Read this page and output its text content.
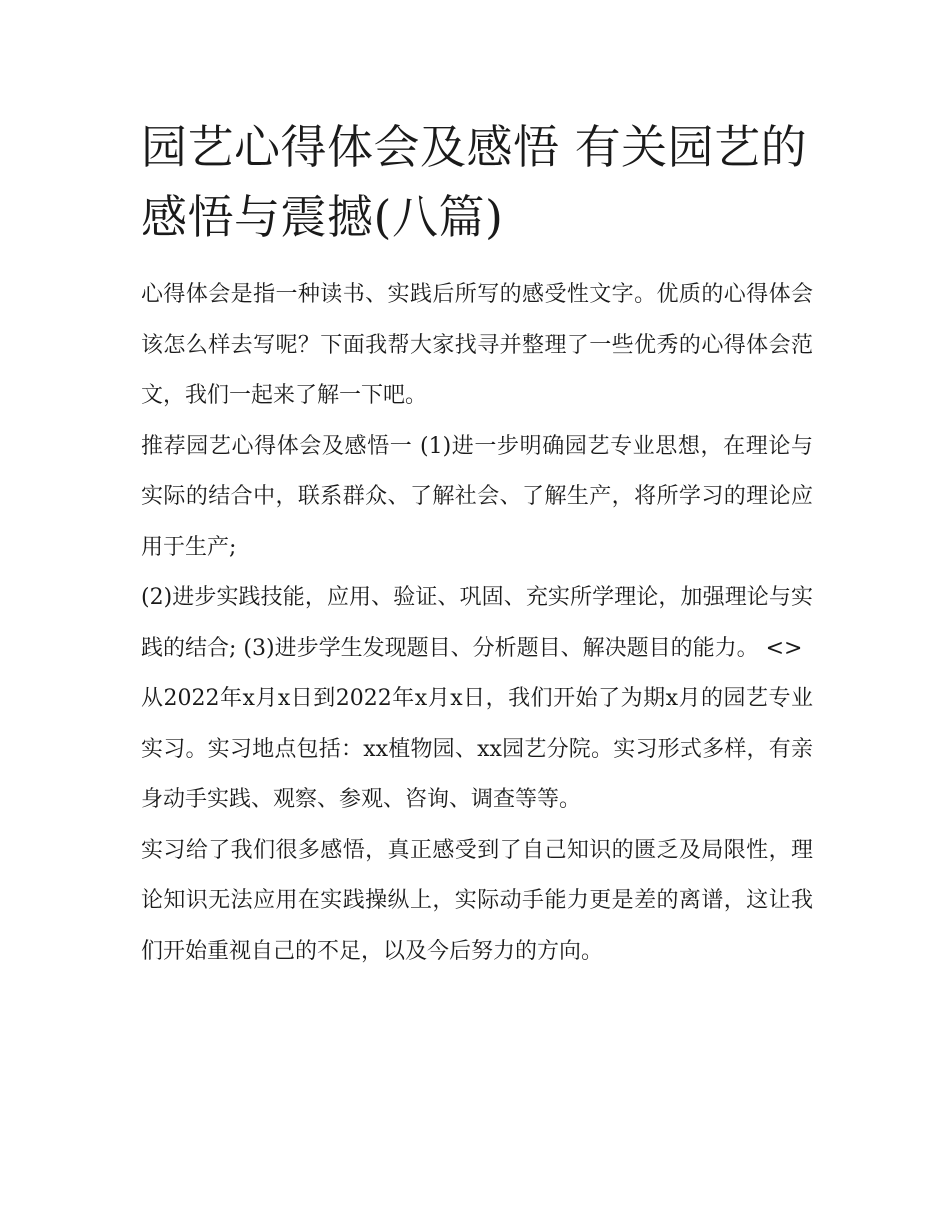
园艺心得体会及感悟 有关园艺的感悟与震撼(八篇)

心得体会是指一种读书、实践后所写的感受性文字。优质的心得体会该怎么样去写呢？下面我帮大家找寻并整理了一些优秀的心得体会范文，我们一起来了解一下吧。

推荐园艺心得体会及感悟一 (1)进一步明确园艺专业思想，在理论与实际的结合中，联系群众、了解社会、了解生产，将所学习的理论应用于生产;

(2)进步实践技能，应用、验证、巩固、充实所学理论，加强理论与实践的结合; (3)进步学生发现题目、分析题目、解决题目的能力。 <>

从2022年x月x日到2022年x月x日，我们开始了为期x月的园艺专业实习。实习地点包括：xx植物园、xx园艺分院。实习形式多样，有亲身动手实践、观察、参观、咨询、调查等等。

实习给了我们很多感悟，真正感受到了自己知识的匮乏及局限性，理论知识无法应用在实践操纵上，实际动手能力更是差的离谱，这让我们开始重视自己的不足，以及今后努力的方向。
